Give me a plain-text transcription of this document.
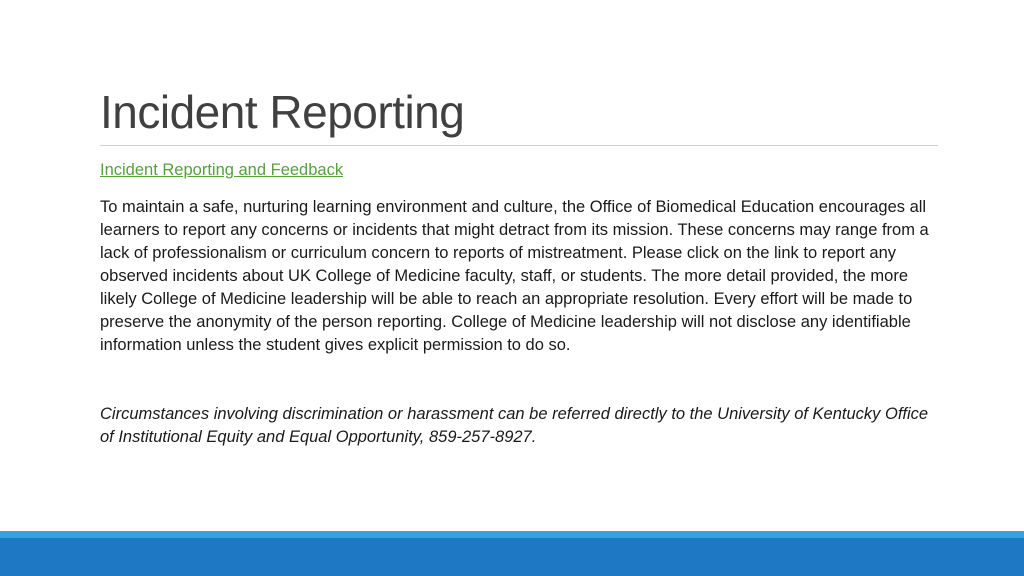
Incident Reporting
Incident Reporting and Feedback

To maintain a safe, nurturing learning environment and culture, the Office of Biomedical Education encourages all learners to report any concerns or incidents that might detract from its mission. These concerns may range from a lack of professionalism or curriculum concern to reports of mistreatment. Please click on the link to report any observed incidents about UK College of Medicine faculty, staff, or students. The more detail provided, the more likely College of Medicine leadership will be able to reach an appropriate resolution. Every effort will be made to preserve the anonymity of the person reporting. College of Medicine leadership will not disclose any identifiable information unless the student gives explicit permission to do so.

Circumstances involving discrimination or harassment can be referred directly to the University of Kentucky Office of Institutional Equity and Equal Opportunity, 859-257-8927.
